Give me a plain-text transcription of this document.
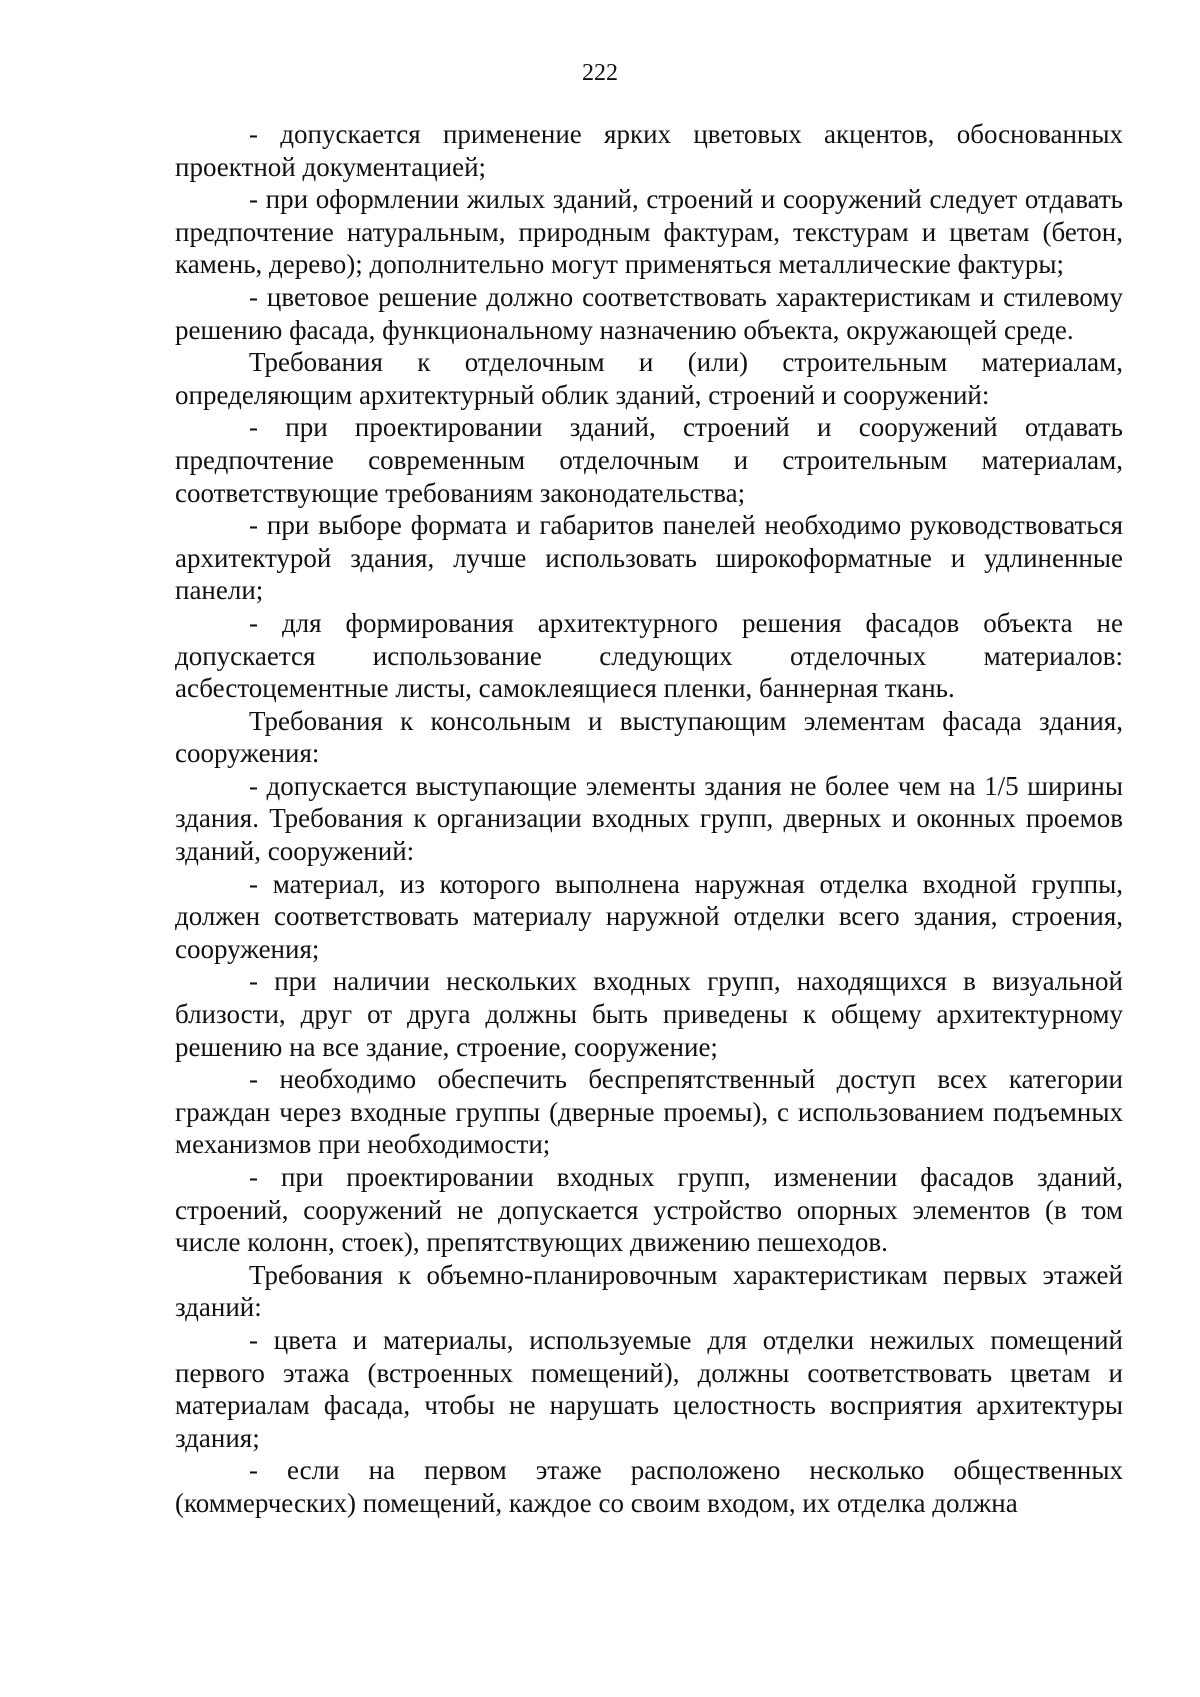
222

- допускается применение ярких цветовых акцентов, обоснованных проектной документацией;

- при оформлении жилых зданий, строений и сооружений следует отдавать предпочтение натуральным, природным фактурам, текстурам и цветам (бетон, камень, дерево); дополнительно могут применяться металлические фактуры;

- цветовое решение должно соответствовать характеристикам и стилевому решению фасада, функциональному назначению объекта, окружающей среде.

Требования к отделочным и (или) строительным материалам, определяющим архитектурный облик зданий, строений и сооружений:

- при проектировании зданий, строений и сооружений отдавать предпочтение современным отделочным и строительным материалам, соответствующие требованиям законодательства;

- при выборе формата и габаритов панелей необходимо руководствоваться архитектурой здания, лучше использовать широкоформатные и удлиненные панели;

- для формирования архитектурного решения фасадов объекта не допускается использование следующих отделочных материалов: асбестоцементные листы, самоклеящиеся пленки, баннерная ткань.

Требования к консольным и выступающим элементам фасада здания, сооружения:

- допускается выступающие элементы здания не более чем на 1/5 ширины здания. Требования к организации входных групп, дверных и оконных проемов зданий, сооружений:

- материал, из которого выполнена наружная отделка входной группы, должен соответствовать материалу наружной отделки всего здания, строения, сооружения;

- при наличии нескольких входных групп, находящихся в визуальной близости, друг от друга должны быть приведены к общему архитектурному решению на все здание, строение, сооружение;

- необходимо обеспечить беспрепятственный доступ всех категории граждан через входные группы (дверные проемы), с использованием подъемных механизмов при необходимости;

- при проектировании входных групп, изменении фасадов зданий, строений, сооружений не допускается устройство опорных элементов (в том числе колонн, стоек), препятствующих движению пешеходов.

Требования к объемно-планировочным характеристикам первых этажей зданий:

- цвета и материалы, используемые для отделки нежилых помещений первого этажа (встроенных помещений), должны соответствовать цветам и материалам фасада, чтобы не нарушать целостность восприятия архитектуры здания;

- если на первом этаже расположено несколько общественных (коммерческих) помещений, каждое со своим входом, их отделка должна
